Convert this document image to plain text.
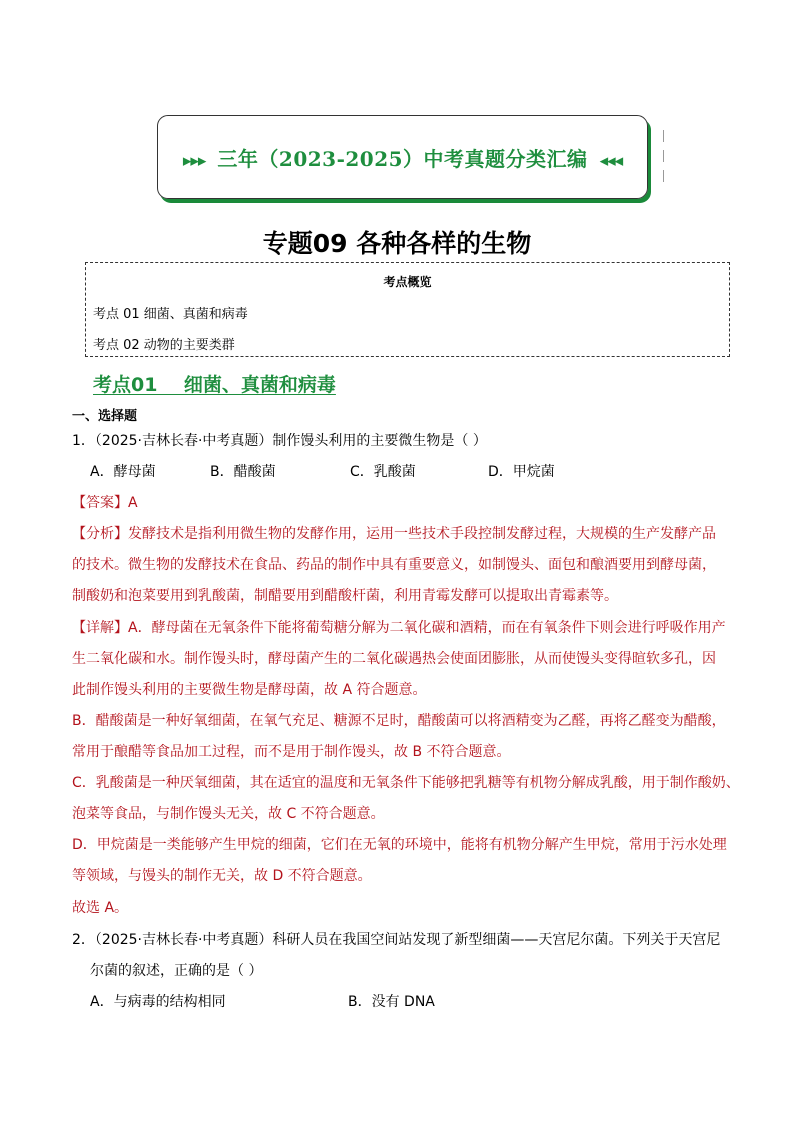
▸▸▸ 三年（2023-2025）中考真题分类汇编 ◂◂◂
专题09 各种各样的生物
考点概览
考点 01 细菌、真菌和病毒
考点 02 动物的主要类群
考点01    细菌、真菌和病毒
一、选择题
1．（2025·吉林长春·中考真题）制作馒头利用的主要微生物是（ ）
A．酵母菌	B．醋酸菌	C．乳酸菌	D．甲烷菌
【答案】A
【分析】发酵技术是指利用微生物的发酵作用，运用一些技术手段控制发酵过程，大规模的生产发酵产品
的技术。微生物的发酵技术在食品、药品的制作中具有重要意义，如制馒头、面包和酿酒要用到酵母菌，
制酸奶和泡菜要用到乳酸菌，制醋要用到醋酸杆菌，利用青霉发酵可以提取出青霉素等。
【详解】A．酵母菌在无氧条件下能将葡萄糖分解为二氧化碳和酒精，而在有氧条件下则会进行呼吸作用产
生二氧化碳和水。制作馒头时，酵母菌产生的二氧化碳遇热会使面团膨胀，从而使馒头变得暄软多孔，因
此制作馒头利用的主要微生物是酵母菌，故 A 符合题意。
B．醋酸菌是一种好氧细菌，在氧气充足、糖源不足时，醋酸菌可以将酒精变为乙醛，再将乙醛变为醋酸，
常用于酿醋等食品加工过程，而不是用于制作馒头，故 B 不符合题意。
C．乳酸菌是一种厌氧细菌，其在适宜的温度和无氧条件下能够把乳糖等有机物分解成乳酸，用于制作酸奶、
泡菜等食品，与制作馒头无关，故 C 不符合题意。
D．甲烷菌是一类能够产生甲烷的细菌，它们在无氧的环境中，能将有机物分解产生甲烷，常用于污水处理
等领域，与馒头的制作无关，故 D 不符合题意。
故选 A。
2．（2025·吉林长春·中考真题）科研人员在我国空间站发现了新型细菌——天宫尼尔菌。下列关于天宫尼
尔菌的叙述，正确的是（ ）
A．与病毒的结构相同	B．没有 DNA
